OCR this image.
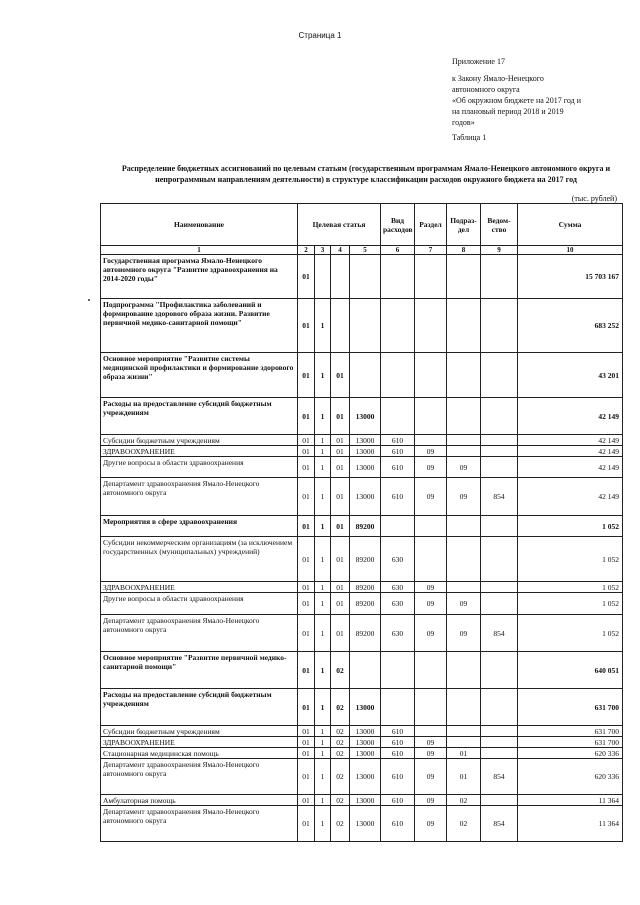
Страница 1
Приложение 17
к Закону Ямало-Ненецкого
автономного округа
«Об окружном бюджете на 2017 год и
на плановый период 2018 и 2019
годов»
Таблица 1
Распределение бюджетных ассигнований по целевым статьям (государственным программам Ямало-Ненецкого автономного округа и непрограммным направлениям деятельности) в структуре классификации расходов окружного бюджета на 2017 год
(тыс. рублей)
Наименование	Целевая статья				Вид расходов	Раздел	Подраз-дел	Ведом-ство	Сумма
1	2	3	4	5	6	7	8	9	10
Государственная программа Ямало-Ненецкого автономного округа "Развитие здравоохранения на 2014-2020 годы"	01								15 703 167
Подпрограмма "Профилактика заболеваний и формирование здорового образа жизни. Развитие первичной медико-санитарной помощи"	01	1							683 252
Основное мероприятие "Развитие системы медицинской профилактики и формирование здорового образа жизни"	01	1	01						43 201
Расходы на предоставление субсидий бюджетным учреждениям	01	1	01	13000					42 149
Субсидии бюджетным учреждениям	01	1	01	13000	610				42 149
ЗДРАВООХРАНЕНИЕ	01	1	01	13000	610	09			42 149
Другие вопросы в области здравоохранения	01	1	01	13000	610	09	09		42 149
Департамент здравоохранения Ямало-Ненецкого автономного округа	01	1	01	13000	610	09	09	854	42 149
Мероприятия в сфере здравоохранения	01	1	01	89200					1 052
Субсидии некоммерческим организациям (за исключением государственных (муниципальных) учреждений)	01	1	01	89200	630				1 052
ЗДРАВООХРАНЕНИЕ	01	1	01	89200	630	09			1 052
Другие вопросы в области здравоохранения	01	1	01	89200	630	09	09		1 052
Департамент здравоохранения Ямало-Ненецкого автономного округа	01	1	01	89200	630	09	09	854	1 052
Основное мероприятие "Развитие первичной медико-санитарной помощи"	01	1	02						640 051
Расходы на предоставление субсидий бюджетным учреждениям	01	1	02	13000					631 700
Субсидии бюджетным учреждениям	01	1	02	13000	610				631 700
ЗДРАВООХРАНЕНИЕ	01	1	02	13000	610	09			631 700
Стационарная медицинская помощь	01	1	02	13000	610	09	01		620 336
Департамент здравоохранения Ямало-Ненецкого автономного округа	01	1	02	13000	610	09	01	854	620 336
Амбулаторная помощь	01	1	02	13000	610	09	02		11 364
Департамент здравоохранения Ямало-Ненецкого автономного округа	01	1	02	13000	610	09	02	854	11 364
